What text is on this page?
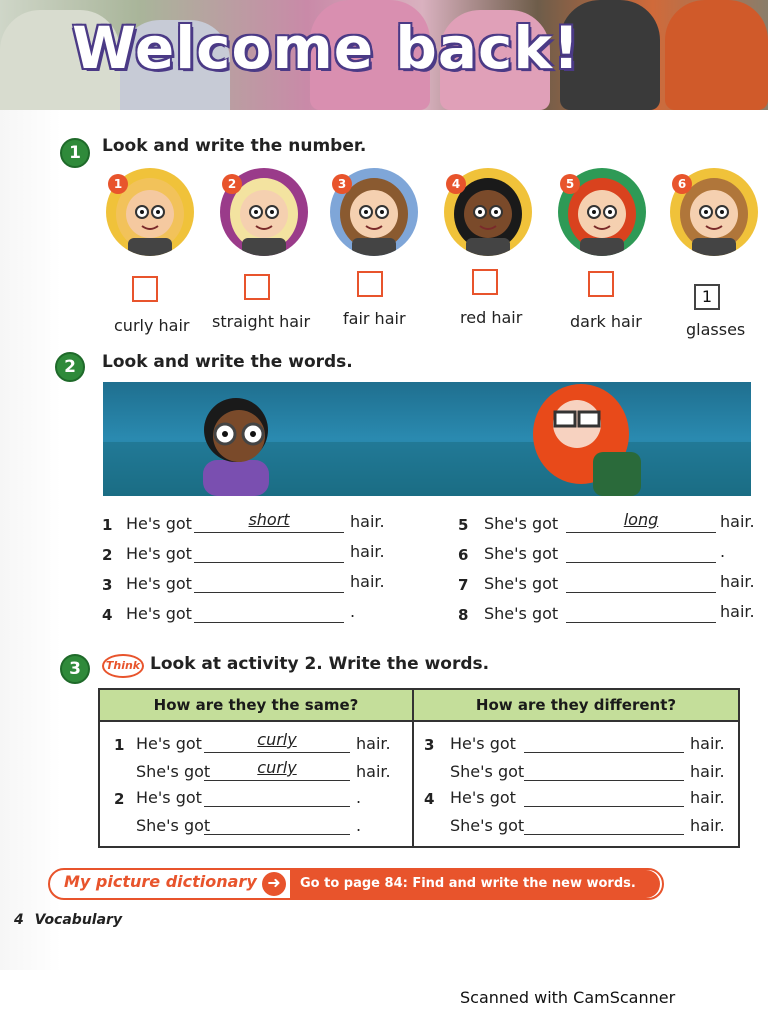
Welcome back!
1	Look and write the number.
1	2	3	4	5	6
curly hair straight hair fair hair	red hair	dark hair
1
glasses
2	Look and write the words.
1 He's got	short	hair.
2 He's got	hair.
3 He's got	hair.
4 He's got	.
5 She's got	long	hair.
6 She's got	.
7 She's got	hair.
8 She's got	hair.
3	Think Look at activity 2. Write the words.
How are they the same?	How are they different?
1 He's got	curly	hair.
She's got	curly	hair.
2 He's got	.
She's got	.
3 He's got	hair.
She's got	hair.
4 He's got	hair.
She's got	hair.
My picture dictionary ➜	Go to page 84: Find and write the new words.
4 Vocabulary
Scanned with CamScanner
